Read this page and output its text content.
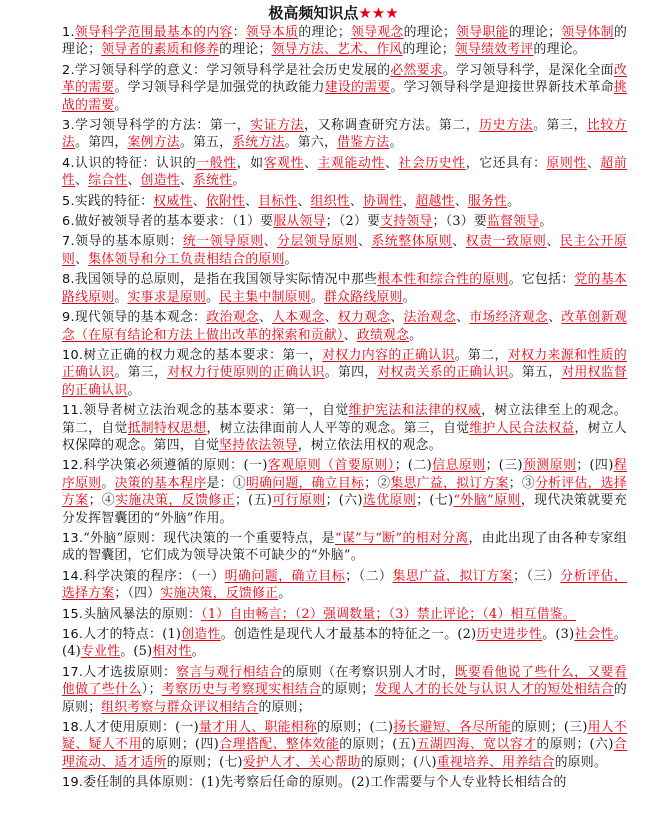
极高频知识点★★★

1.领导科学范围最基本的内容：领导本质的理论；领导观念的理论；领导职能的理论；领导体制的理论；领导者的素质和修养的理论；领导方法、艺术、作风的理论；领导绩效考评的理论。

2.学习领导科学的意义：学习领导科学是社会历史发展的必然要求。学习领导科学，是深化全面改革的需要。学习领导科学是加强党的执政能力建设的需要。学习领导科学是迎接世界新技术革命挑战的需要。

3.学习领导科学的方法：第一，实证方法，又称调查研究方法。第二，历史方法。第三，比较方法。第四，案例方法。第五，系统方法。第六，借鉴方法。

4.认识的特征：认识的一般性，如客观性、主观能动性、社会历史性，它还具有：原则性、超前性、综合性、创造性、系统性。

5.实践的特征：权威性、依附性、目标性、组织性、协调性、超越性、服务性。

6.做好被领导者的基本要求：（1）要服从领导；（2）要支持领导；（3）要监督领导。

7.领导的基本原则：统一领导原则、分层领导原则、系统整体原则、权责一致原则、民主公开原则、集体领导和分工负责相结合的原则。

8.我国领导的总原则，是指在我国领导实际情况中那些根本性和综合性的原则。它包括：党的基本路线原则。实事求是原则。民主集中制原则。群众路线原则。

9.现代领导的基本观念：政治观念、人本观念、权力观念、法治观念、市场经济观念、改革创新观念（在原有结论和方法上做出改革的探索和贡献）、政绩观念。

10.树立正确的权力观念的基本要求：第一，对权力内容的正确认识。第二，对权力来源和性质的正确认识。第三，对权力行使原则的正确认识。第四，对权责关系的正确认识。第五，对用权监督的正确认识。

11.领导者树立法治观念的基本要求：第一，自觉维护宪法和法律的权威，树立法律至上的观念。第二，自觉抵制特权思想，树立法律面前人人平等的观念。第三，自觉维护人民合法权益，树立人权保障的观念。第四，自觉坚持依法领导，树立依法用权的观念。

12.科学决策必须遵循的原则：(一)客观原则（首要原则）；(二)信息原则；(三)预测原则；(四)程序原则。决策的基本程序是：①明确问题，确立目标；②集思广益，拟订方案；③分析评估，选择方案；④实施决策，反馈修正；(五)可行原则；(六)选优原则；(七)“外脑”原则，现代决策就要充分发挥智囊团的“外脑”作用。

13.“外脑”原则：现代决策的一个重要特点，是“谋”与“断”的相对分离，由此出现了由各种专家组成的智囊团，它们成为领导决策不可缺少的“外脑”。

14.科学决策的程序：（一）明确问题，确立目标；（二）集思广益，拟订方案；（三）分析评估，选择方案；（四）实施决策，反馈修正。

15.头脑风暴法的原则：（1）自由畅言；（2）强调数量；（3）禁止评论；（4）相互借鉴。

16.人才的特点：(1)创造性。创造性是现代人才最基本的特征之一。(2)历史进步性。(3)社会性。(4)专业性。(5)相对性。

17.人才选拔原则：察言与观行相结合的原则（在考察识别人才时，既要看他说了些什么，又要看他做了些什么）；考察历史与考察现实相结合的原则；发现人才的长处与认识人才的短处相结合的原则；组织考察与群众评议相结合的原则；

18.人才使用原则：(一)量才用人、职能相称的原则；(二)扬长避短、各尽所能的原则；(三)用人不疑、疑人不用的原则；(四)合理搭配、整体效能的原则；(五)五湖四海、宽以容才的原则；(六)合理流动、适才适所的原则；(七)爱护人才、关心帮助的原则；(八)重视培养、用养结合的原则。

19.委任制的具体原则：(1)先考察后任命的原则。(2)工作需要与个人专业特长相结合的
